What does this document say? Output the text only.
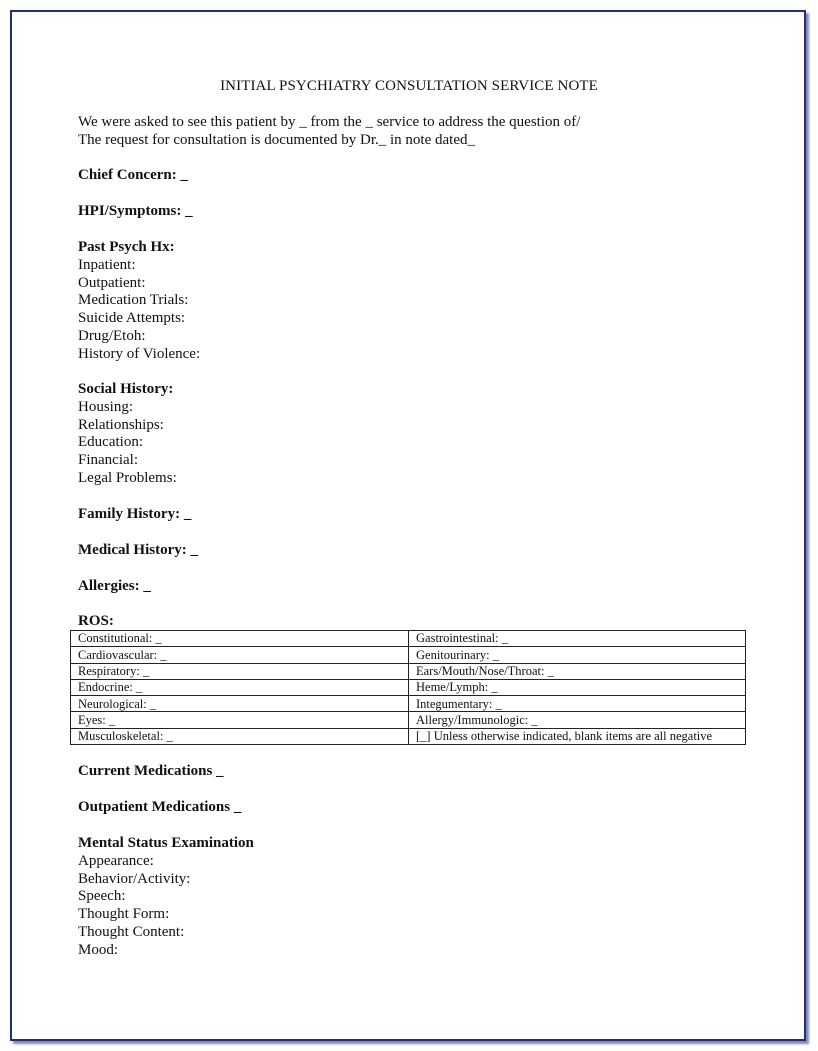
INITIAL PSYCHIATRY CONSULTATION SERVICE NOTE
We were asked to see this patient by _ from the _ service to address the question of/
The request for consultation is documented by Dr._ in note dated_
Chief Concern: _
HPI/Symptoms: _
Past Psych Hx:
Inpatient:
Outpatient:
Medication Trials:
Suicide Attempts:
Drug/Etoh:
History of Violence:
Social History:
Housing:
Relationships:
Education:
Financial:
Legal Problems:
Family History: _
Medical History: _
Allergies: _
ROS:
Constitutional: _	Gastrointestinal: _
Cardiovascular: _	Genitourinary: _
Respiratory: _	Ears/Mouth/Nose/Throat: _
Endocrine: _	Heme/Lymph: _
Neurological: _	Integumentary: _
Eyes: _	Allergy/Immunologic: _
Musculoskeletal: _	[_] Unless otherwise indicated, blank items are all negative
Current Medications _
Outpatient Medications _
Mental Status Examination
Appearance:
Behavior/Activity:
Speech:
Thought Form:
Thought Content:
Mood:
